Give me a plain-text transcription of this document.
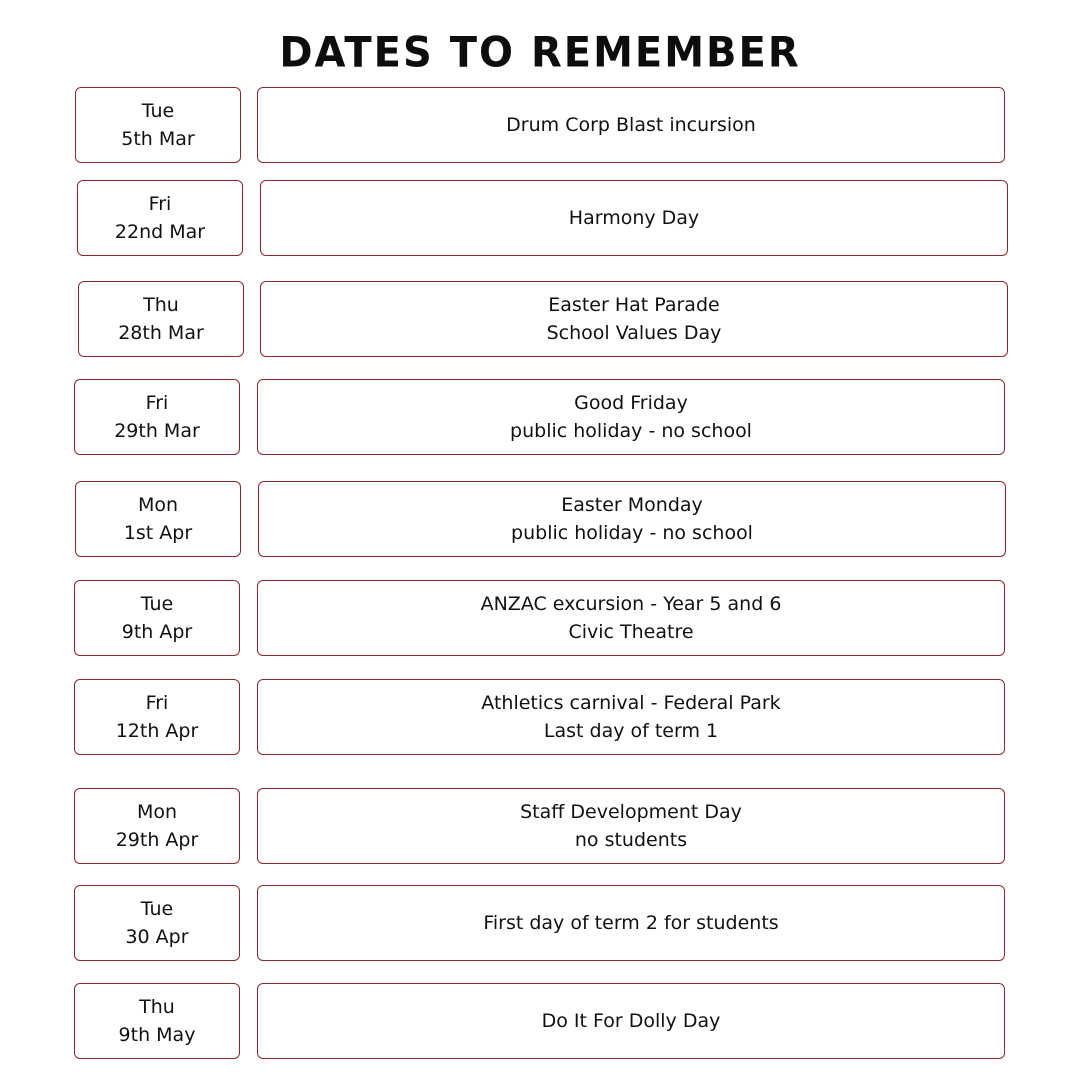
DATES TO REMEMBER
Tue
5th Mar
Drum Corp Blast incursion
Fri
22nd Mar
Harmony Day
Thu
28th Mar
Easter Hat Parade
School Values Day
Fri
29th Mar
Good Friday
public holiday - no school
Mon
1st Apr
Easter Monday
public holiday - no school
Tue
9th Apr
ANZAC excursion - Year 5 and 6
Civic Theatre
Fri
12th Apr
Athletics carnival - Federal Park
Last day of term 1
Mon
29th Apr
Staff Development Day
no students
Tue
30 Apr
First day of term 2 for students
Thu
9th May
Do It For Dolly Day
